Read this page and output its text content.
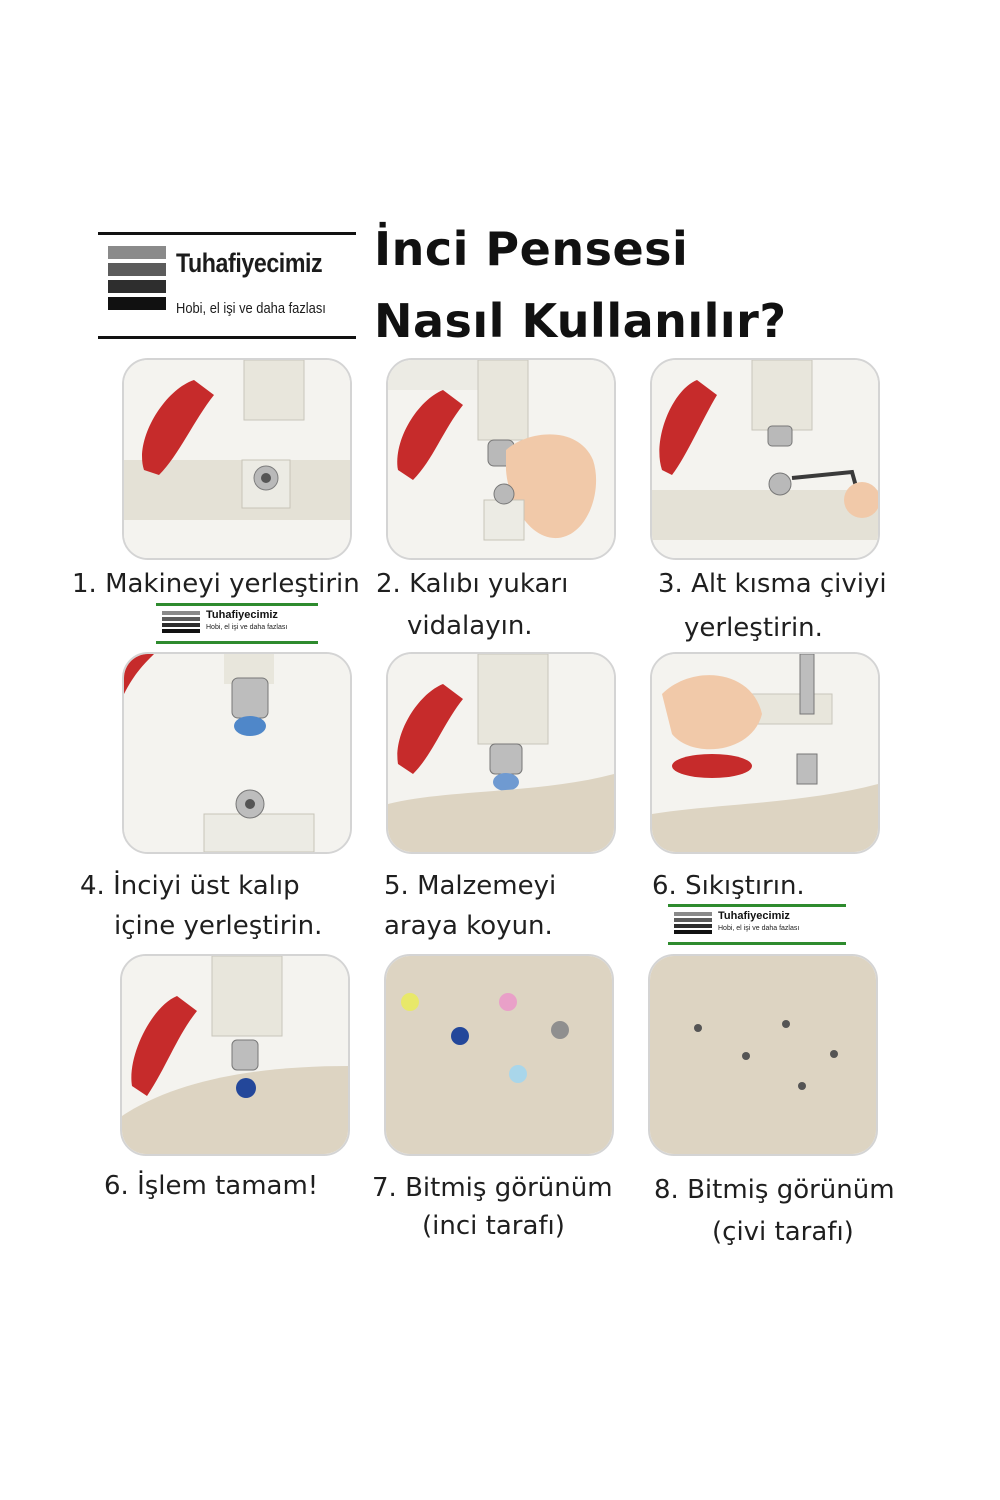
Tuhafiyecimiz
Hobi, el işi ve daha fazlası
İnci Pensesi
Nasıl Kullanılır?
1. Makineyi yerleştirin 2. Kalıbı yukarı
vidalayın.
3. Alt kısma çiviyi
yerleştirin.
Tuhafiyecimiz
Hobi, el işi ve daha fazlası
4. İnciyi üst kalıp
içine yerleştirin.
5. Malzemeyi
araya koyun.
6. Sıkıştırın.
Tuhafiyecimiz
Hobi, el işi ve daha fazlası
6. İşlem tamam! 7. Bitmiş görünüm
(inci tarafı)
8. Bitmiş görünüm
(çivi tarafı)
